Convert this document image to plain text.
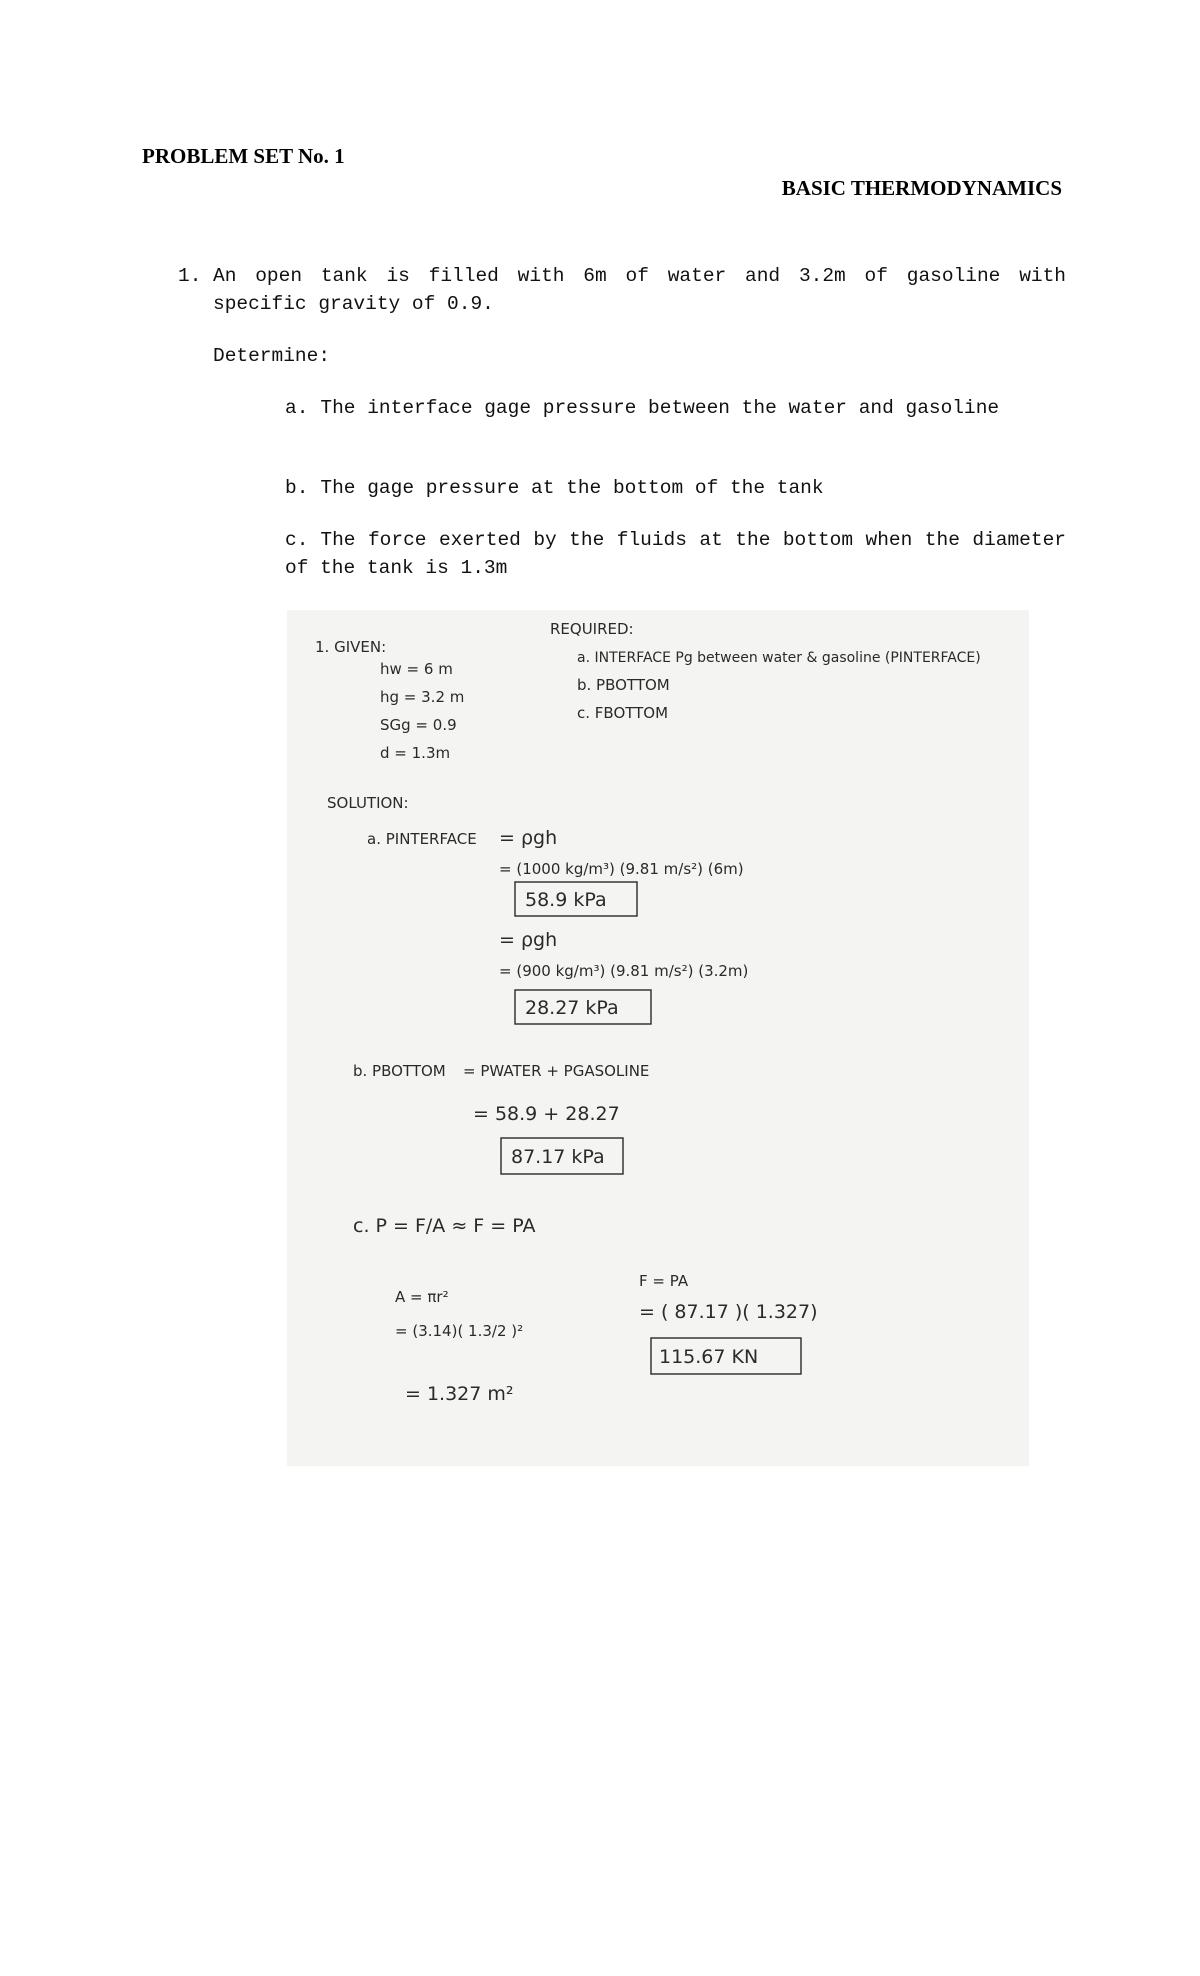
PROBLEM SET No. 1
BASIC THERMODYNAMICS
1. An open tank is filled with 6m of water and 3.2m of gasoline with specific gravity of 0.9.

Determine:

a. The interface gage pressure between the water and gasoline

b. The gage pressure at the bottom of the tank

c. The force exerted by the fluids at the bottom when the diameter of the tank is 1.3m

1. GIVEN:
hw = 6 m
hg = 3.2 m
SGg = 0.9
d = 1.3m
REQUIRED:
a. INTERFACE Pg between water & gasoline (PINTERFACE)
b. PBOTTOM
c. FBOTTOM
SOLUTION:
a. PINTERFACE = ρgh
= (1000 kg/m³) (9.81 m/s²) (6m)
58.9 kPa
= ρgh
= (900 kg/m³) (9.81 m/s²) (3.2m)
28.27 kPa
b. PBOTTOM = PWATER + PGASOLINE
= 58.9 + 28.27
87.17 kPa
c. P = F/A ≈ F = PA
A = πr²
= (3.14)( 1.3/2 )²
= 1.327 m²
F = PA
= ( 87.17 )( 1.327)
115.67 KN
